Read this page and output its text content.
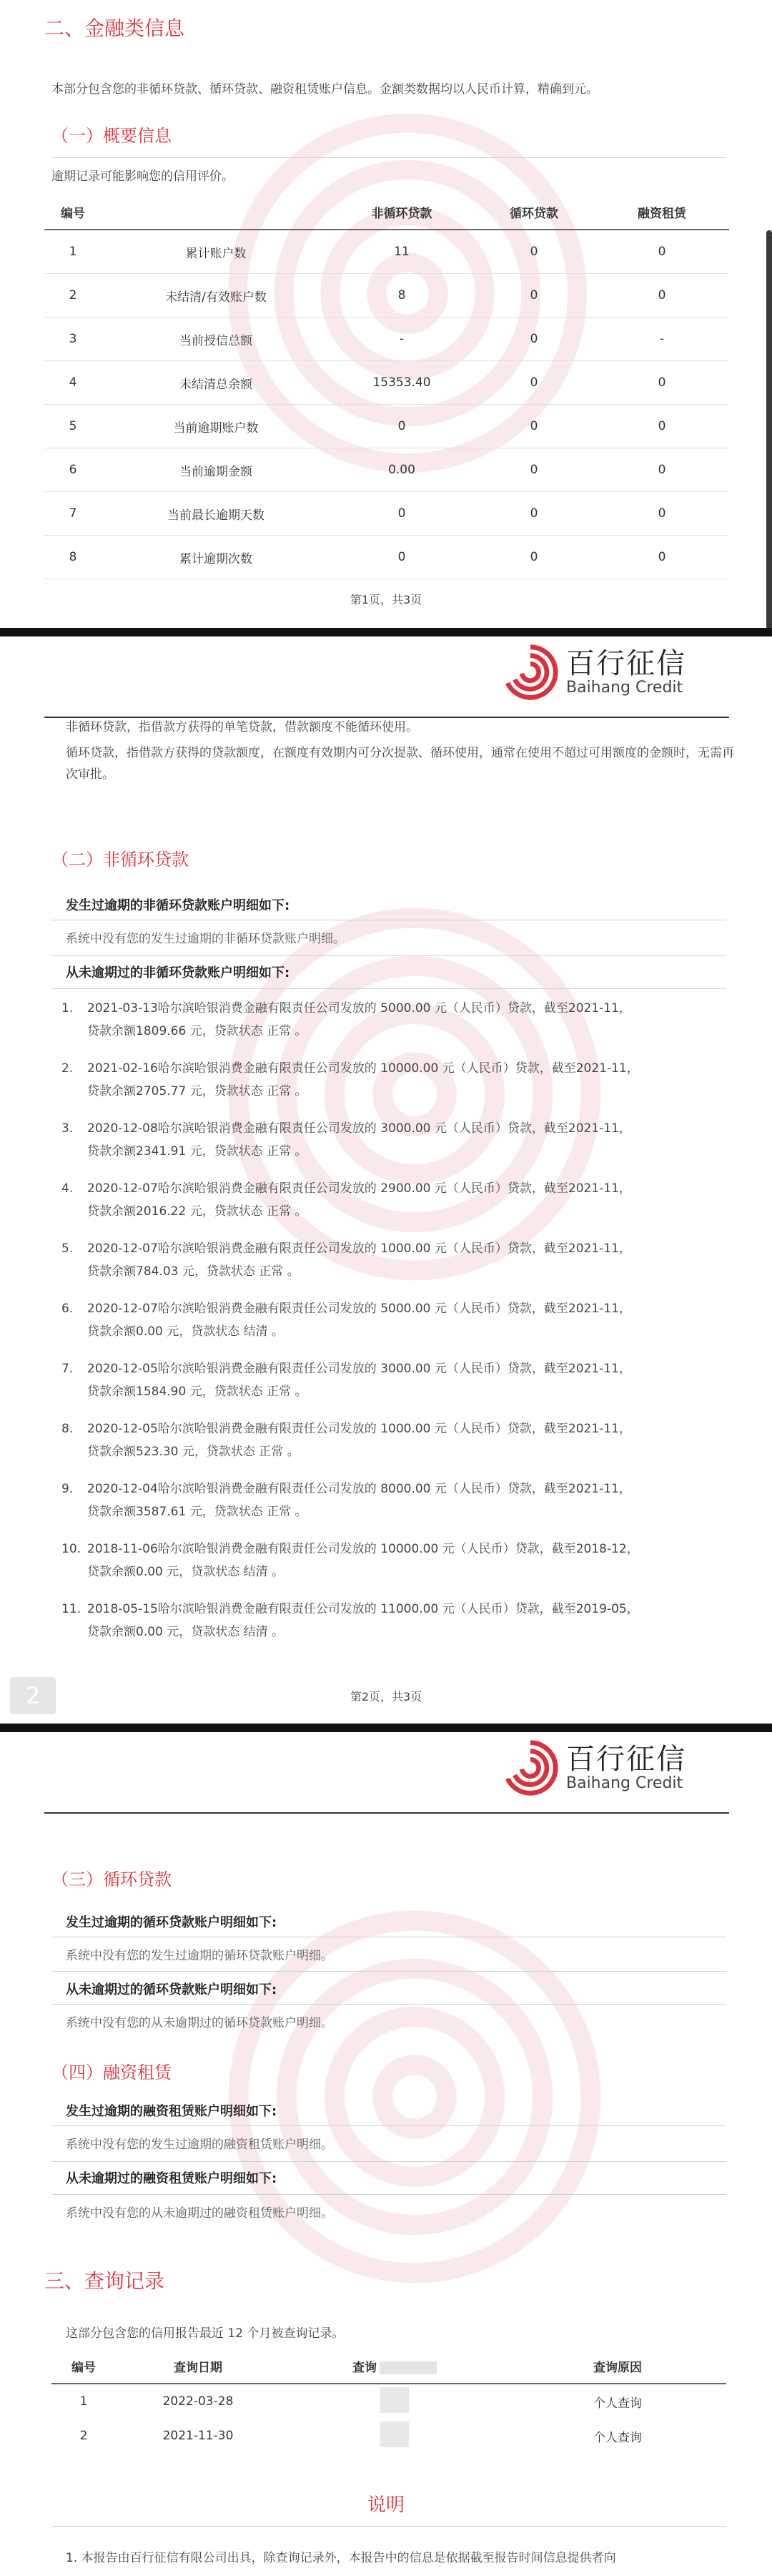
二、金融类信息
本部分包含您的非循环贷款、循环贷款、融资租赁账户信息。金额类数据均以人民币计算，精确到元。
（一）概要信息
逾期记录可能影响您的信用评价。
编号		非循环贷款	循环贷款	融资租赁
1	累计账户数	11	0	0
2	未结清/有效账户数	8	0	0
3	当前授信总额	-	0	-
4	未结清总余额	15353.40	0	0
5	当前逾期账户数	0	0	0
6	当前逾期金额	0.00	0	0
7	当前最长逾期天数	0	0	0
8	累计逾期次数	0	0	0
第1页，共3页
百行征信
Baihang Credit
非循环贷款，指借款方获得的单笔贷款，借款额度不能循环使用。
循环贷款，指借款方获得的贷款额度，在额度有效期内可分次提款、循环使用，通常在使用不超过可用额度的金额时，无需再次审批。
（二）非循环贷款
发生过逾期的非循环贷款账户明细如下:
系统中没有您的发生过逾期的非循环贷款账户明细。
从未逾期过的非循环贷款账户明细如下:
1. 2021-03-13哈尔滨哈银消费金融有限责任公司发放的 5000.00 元（人民币）贷款，截至2021-11，
贷款余额1809.66 元，贷款状态 正常 。
2. 2021-02-16哈尔滨哈银消费金融有限责任公司发放的 10000.00 元（人民币）贷款，截至2021-11，
贷款余额2705.77 元，贷款状态 正常 。
3. 2020-12-08哈尔滨哈银消费金融有限责任公司发放的 3000.00 元（人民币）贷款，截至2021-11，
贷款余额2341.91 元，贷款状态 正常 。
4. 2020-12-07哈尔滨哈银消费金融有限责任公司发放的 2900.00 元（人民币）贷款，截至2021-11，
贷款余额2016.22 元，贷款状态 正常 。
5. 2020-12-07哈尔滨哈银消费金融有限责任公司发放的 1000.00 元（人民币）贷款，截至2021-11，
贷款余额784.03 元，贷款状态 正常 。
6. 2020-12-07哈尔滨哈银消费金融有限责任公司发放的 5000.00 元（人民币）贷款，截至2021-11，
贷款余额0.00 元，贷款状态 结清 。
7. 2020-12-05哈尔滨哈银消费金融有限责任公司发放的 3000.00 元（人民币）贷款，截至2021-11，
贷款余额1584.90 元，贷款状态 正常 。
8. 2020-12-05哈尔滨哈银消费金融有限责任公司发放的 1000.00 元（人民币）贷款，截至2021-11，
贷款余额523.30 元，贷款状态 正常 。
9. 2020-12-04哈尔滨哈银消费金融有限责任公司发放的 8000.00 元（人民币）贷款，截至2021-11，
贷款余额3587.61 元，贷款状态 正常 。
10. 2018-11-06哈尔滨哈银消费金融有限责任公司发放的 10000.00 元（人民币）贷款，截至2018-12，
贷款余额0.00 元，贷款状态 结清 。
11. 2018-05-15哈尔滨哈银消费金融有限责任公司发放的 11000.00 元（人民币）贷款，截至2019-05，
贷款余额0.00 元，贷款状态 结清 。
2	第2页，共3页
百行征信
Baihang Credit
（三）循环贷款
发生过逾期的循环贷款账户明细如下:
系统中没有您的发生过逾期的循环贷款账户明细。
从未逾期过的循环贷款账户明细如下:
系统中没有您的从未逾期过的循环贷款账户明细。
（四）融资租赁
发生过逾期的融资租赁账户明细如下:
系统中没有您的发生过逾期的融资租赁账户明细。
从未逾期过的融资租赁账户明细如下:
系统中没有您的从未逾期过的融资租赁账户明细。
三、查询记录
这部分包含您的信用报告最近 12 个月被查询记录。
编号	查询日期	查询	查询原因
1	2022-03-28		个人查询
2	2021-11-30		个人查询
说明
1. 本报告由百行征信有限公司出具，除查询记录外，本报告中的信息是依据截至报告时间信息提供者向
